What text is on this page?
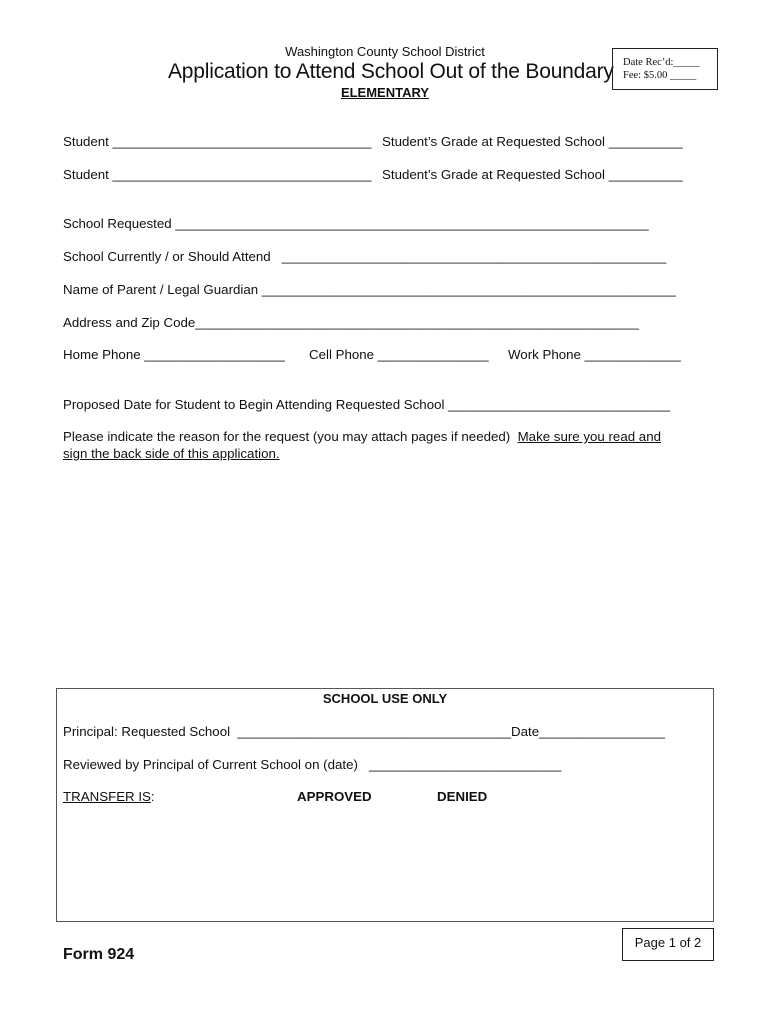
Washington County School District
Application to Attend School Out of the Boundary
ELEMENTARY
Date Rec’d:_____
Fee: $5.00 _____
Student ___________________________________ Student’s Grade at Requested School __________
Student ___________________________________ Student’s Grade at Requested School __________
School Requested ________________________________________________________________
School Currently / or Should Attend   ____________________________________________________
Name of Parent / Legal Guardian ________________________________________________________
Address and Zip Code____________________________________________________________
Home Phone ___________________ Cell Phone _______________ Work Phone _____________
Proposed Date for Student to Begin Attending Requested School ______________________________
Please indicate the reason for the request (you may attach pages if needed)  Make sure you read and
sign the back side of this application.
SCHOOL USE ONLY
Principal: Requested School  _____________________________________Date_________________
Reviewed by Principal of Current School on (date)   __________________________
TRANSFER IS:	APPROVED	DENIED
Page 1 of 2
Form 924
